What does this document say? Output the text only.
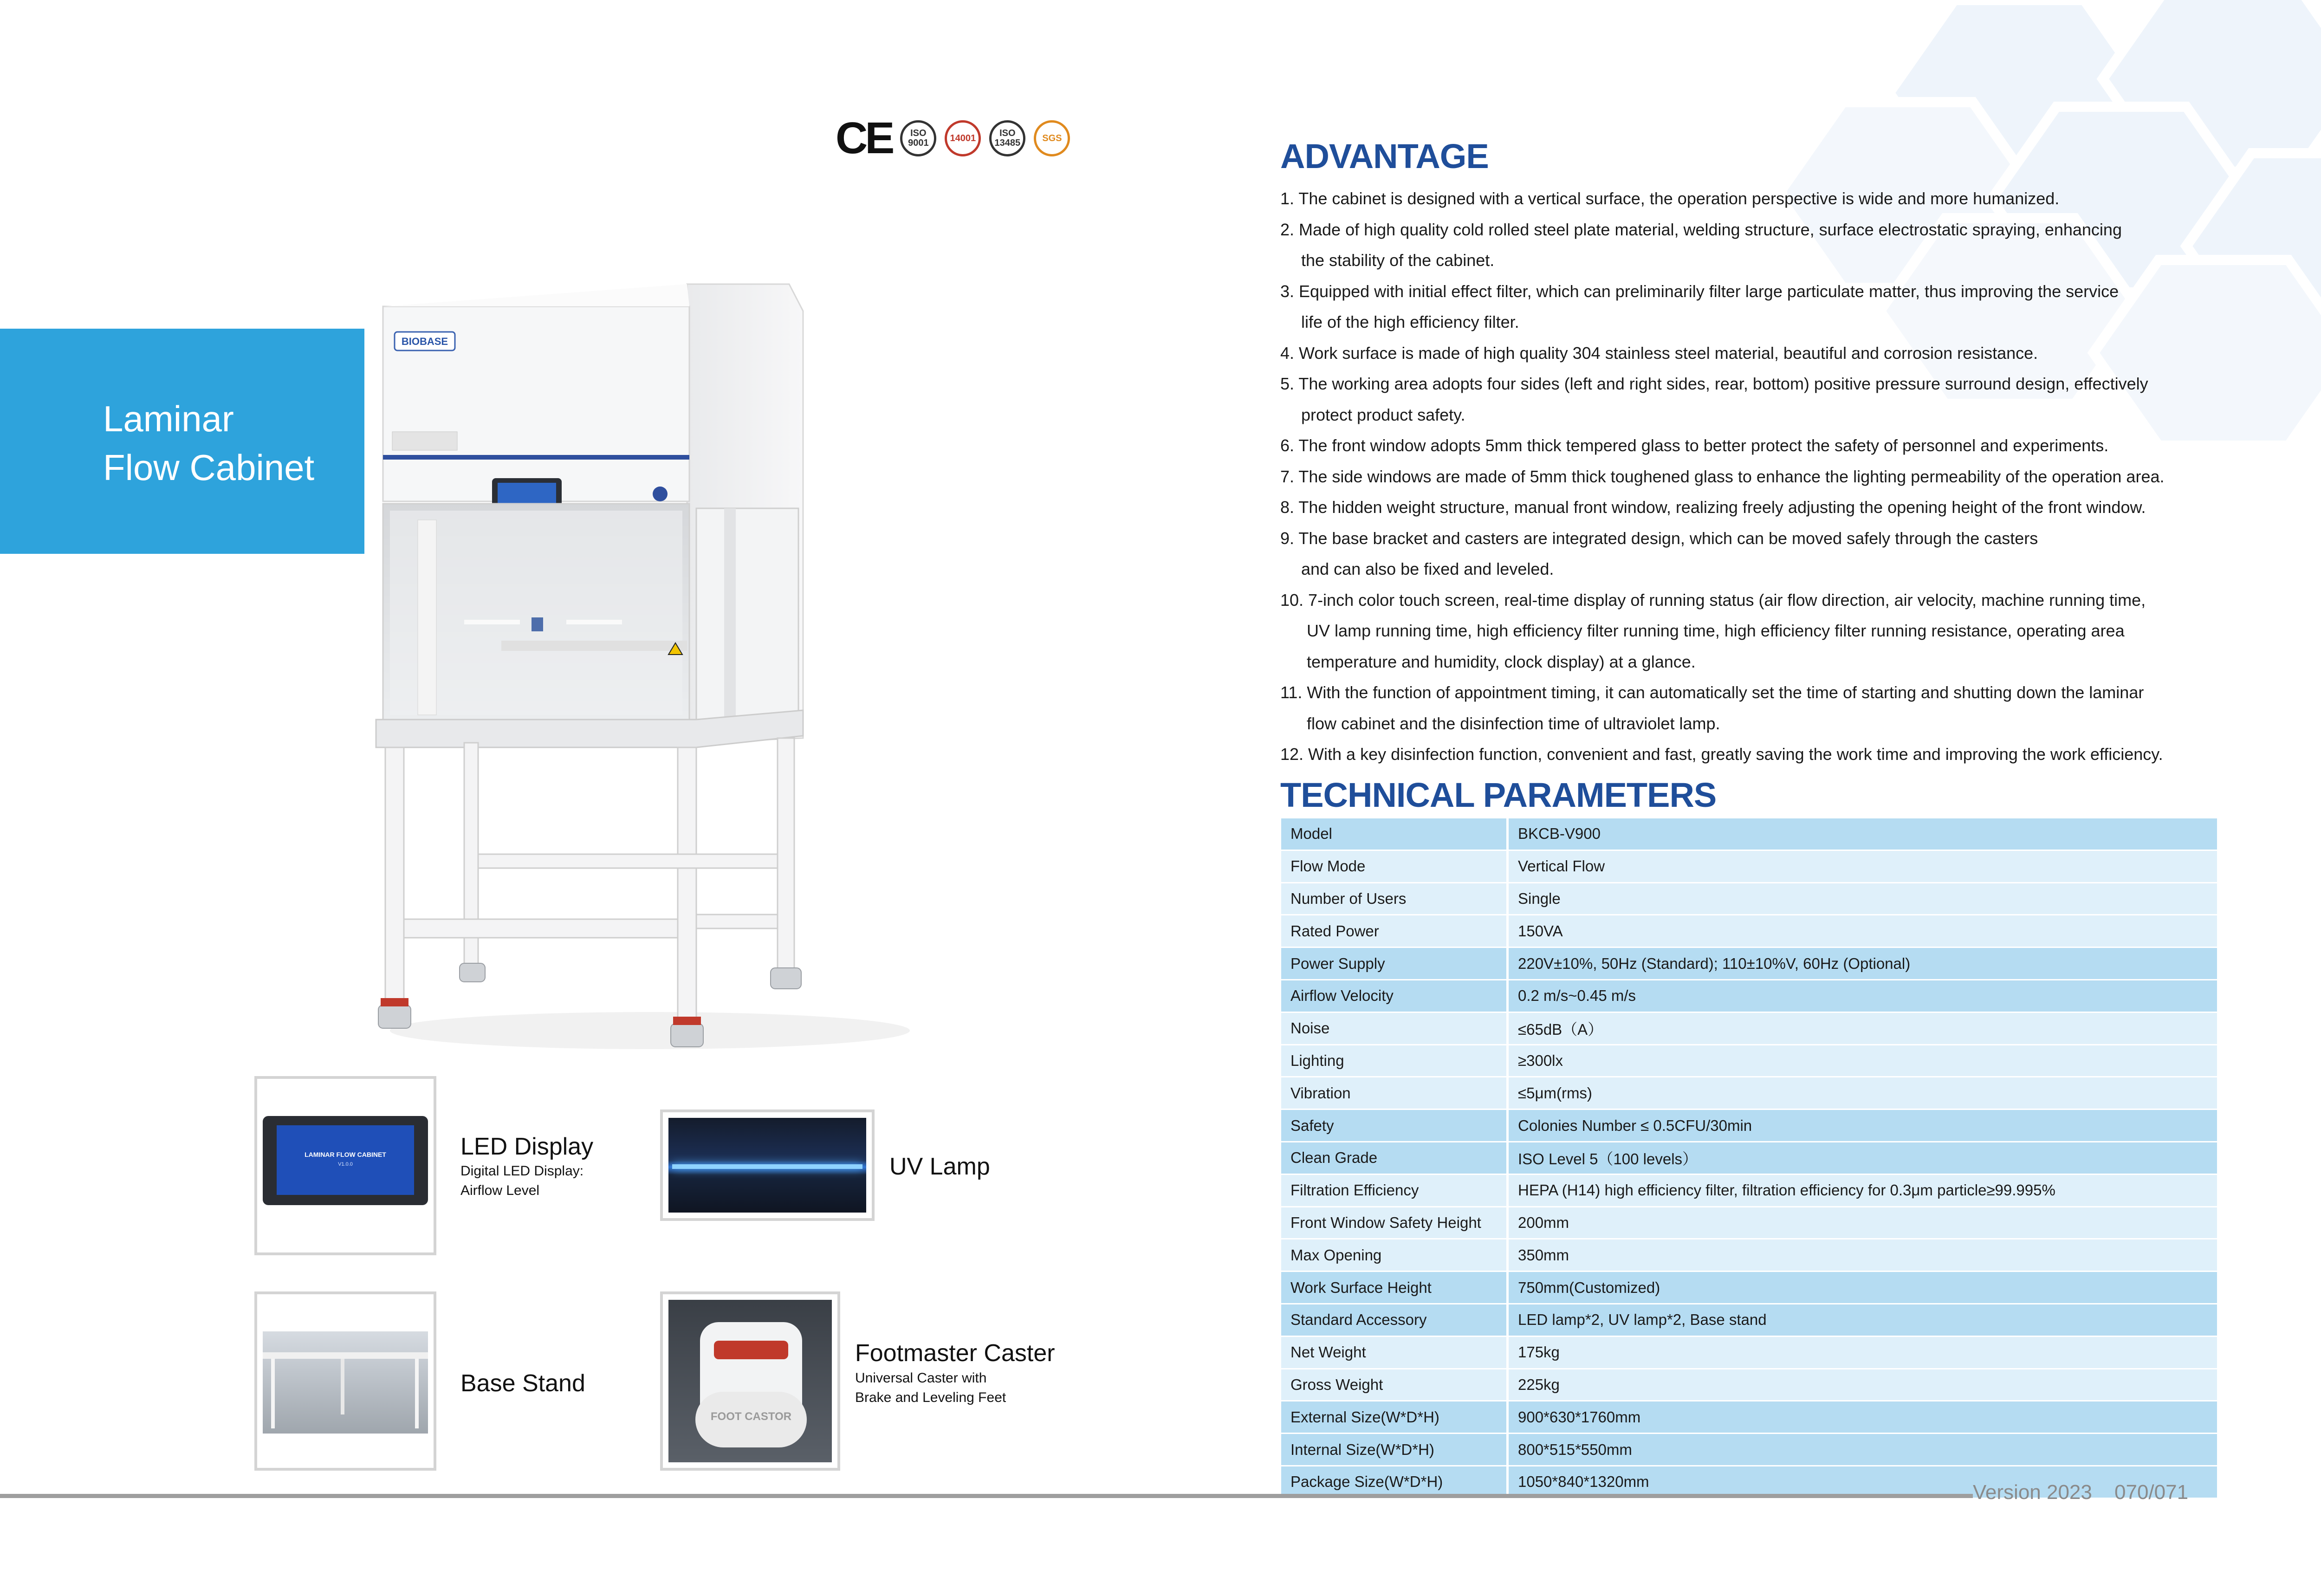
CE	ISO 9001	14001	ISO 13485	SGS
Laminar
Flow Cabinet
BIOBASE
LAMINAR FLOW CABINET
V1.0.0
LED Display
Digital LED Display:
Airflow Level
UV Lamp
Base Stand
FOOT CASTOR
Footmaster Caster
Universal Caster with
Brake and Leveling Feet
ADVANTAGE
1. The cabinet is designed with a vertical surface, the operation perspective is wide and more humanized.
2. Made of high quality cold rolled steel plate material, welding structure, surface electrostatic spraying, enhancing
the stability of the cabinet.
3. Equipped with initial effect filter, which can preliminarily filter large particulate matter, thus improving the service
life of the high efficiency filter.
4. Work surface is made of high quality 304 stainless steel material, beautiful and corrosion resistance.
5. The working area adopts four sides (left and right sides, rear, bottom) positive pressure surround design, effectively
protect product safety.
6. The front window adopts 5mm thick tempered glass to better protect the safety of personnel and experiments.
7. The side windows are made of 5mm thick toughened glass to enhance the lighting permeability of the operation area.
8. The hidden weight structure, manual front window, realizing freely adjusting the opening height of the front window.
9. The base bracket and casters are integrated design, which can be moved safely through the casters
and can also be fixed and leveled.
10. 7-inch color touch screen, real-time display of running status (air flow direction, air velocity, machine running time,
UV lamp running time, high efficiency filter running time, high efficiency filter running resistance, operating area
temperature and humidity, clock display) at a glance.
11. With the function of appointment timing, it can automatically set the time of starting and shutting down the laminar
flow cabinet and the disinfection time of ultraviolet lamp.
12. With a key disinfection function, convenient and fast, greatly saving the work time and improving the work efficiency.
TECHNICAL PARAMETERS
Model	BKCB-V900
Flow Mode	Vertical Flow
Number of Users	Single
Rated Power	150VA
Power Supply	220V±10%, 50Hz (Standard); 110±10%V, 60Hz (Optional)
Airflow Velocity	0.2 m/s~0.45 m/s
Noise	≤65dB（A）
Lighting	≥300lx
Vibration	≤5μm(rms)
Safety	Colonies Number ≤ 0.5CFU/30min
Clean Grade	ISO Level 5（100 levels）
Filtration Efficiency	HEPA (H14) high efficiency filter, filtration efficiency for 0.3μm particle≥99.995%
Front Window Safety Height	200mm
Max Opening	350mm
Work Surface Height	750mm(Customized)
Standard Accessory	LED lamp*2, UV lamp*2, Base stand
Net Weight	175kg
Gross Weight	225kg
External Size(W*D*H)	900*630*1760mm
Internal Size(W*D*H)	800*515*550mm
Package Size(W*D*H)	1050*840*1320mm	Version 2023 070/071
